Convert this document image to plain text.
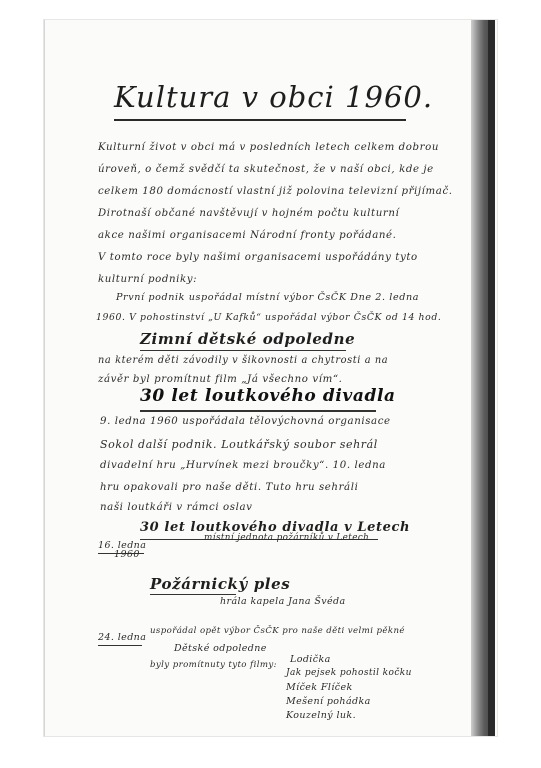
Kultura v obci 1960.
Kulturní život v obci má v posledních letech celkem dobrou
úroveň, o čemž svědčí ta skutečnost, že v naší obci, kde je
celkem 180 domácností vlastní již polovina televizní přijímač.
Dirotnaší občané navštěvují v hojném počtu kulturní
akce našimi organisacemi Národní fronty pořádané.
V tomto roce byly našimi organisacemi uspořádány tyto
kulturní podniky:
První podnik uspořádal místní výbor ČsČK Dne 2. ledna
1960. V pohostinství „U Kafků“ uspořádal výbor ČsČK od 14 hod.
Zimní dětské odpoledne
na kterém děti závodily v šikovnosti a chytrosti a na
závěr byl promítnut film „Já všechno vím“.
30 let loutkového divadla
9. ledna 1960 uspořádala tělovýchovná organisace
Sokol další podnik. Loutkářský soubor sehrál
divadelní hru „Hurvínek mezi broučky“. 10. ledna
hru opakovali pro naše děti. Tuto hru sehráli
naši loutkáři v rámci oslav
30 let loutkového divadla v Letech
16. ledna
1960
místní jednota požárníků v Letech
Požárnický ples
hrála kapela Jana Švéda
24. ledna
uspořádal opět výbor ČsČK pro naše děti velmi pěkné
Dětské odpoledne
byly promítnuty tyto filmy: Lodička
Jak pejsek pohostil kočku
Míček Flíček
Mešení pohádka
Kouzelný luk.
